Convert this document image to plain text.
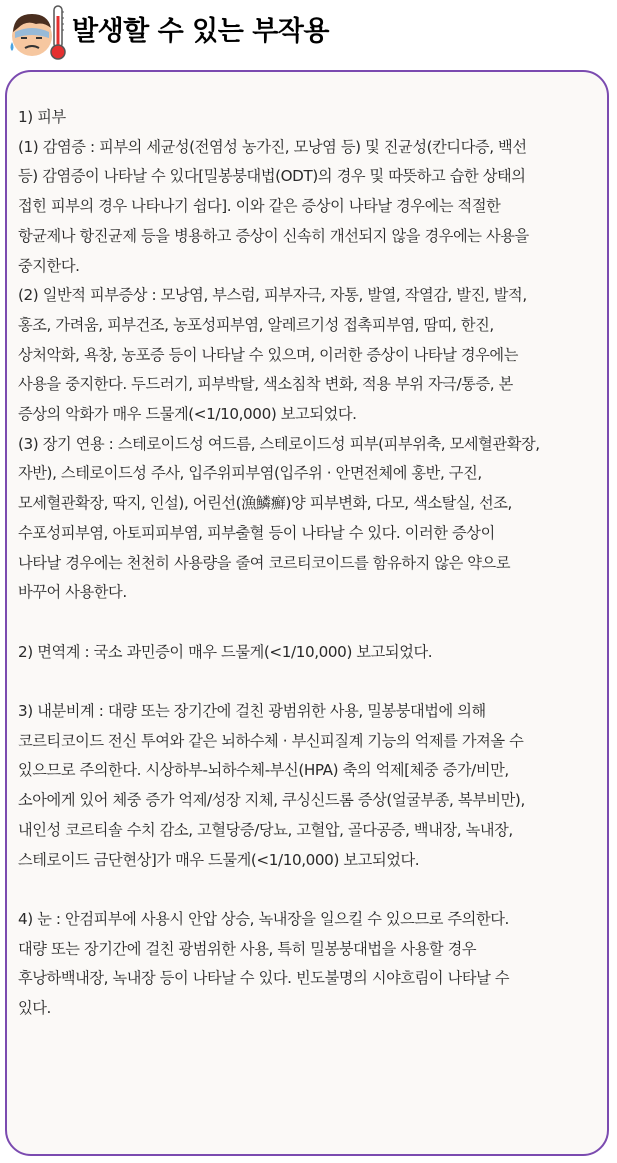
발생할 수 있는 부작용

1) 피부

(1) 감염증 : 피부의 세균성(전염성 농가진, 모낭염 등) 및 진균성(칸디다증, 백선
등) 감염증이 나타날 수 있다[밀봉붕대법(ODT)의 경우 및 따뜻하고 습한 상태의
접힌 피부의 경우 나타나기 쉽다]. 이와 같은 증상이 나타날 경우에는 적절한
항균제나 항진균제 등을 병용하고 증상이 신속히 개선되지 않을 경우에는 사용을
중지한다.

(2) 일반적 피부증상 : 모낭염, 부스럼, 피부자극, 자통, 발열, 작열감, 발진, 발적,
홍조, 가려움, 피부건조, 농포성피부염, 알레르기성 접촉피부염, 땀띠, 한진,
상처악화, 욕창, 농포증 등이 나타날 수 있으며, 이러한 증상이 나타날 경우에는
사용을 중지한다. 두드러기, 피부박탈, 색소침착 변화, 적용 부위 자극/통증, 본
증상의 악화가 매우 드물게(<1/10,000) 보고되었다.

(3) 장기 연용 : 스테로이드성 여드름, 스테로이드성 피부(피부위축, 모세혈관확장,
자반), 스테로이드성 주사, 입주위피부염(입주위 · 안면전체에 홍반, 구진,
모세혈관확장, 딱지, 인설), 어린선(漁鱗癬)양 피부변화, 다모, 색소탈실, 선조,
수포성피부염, 아토피피부염, 피부출혈 등이 나타날 수 있다. 이러한 증상이
나타날 경우에는 천천히 사용량을 줄여 코르티코이드를 함유하지 않은 약으로
바꾸어 사용한다.

2) 면역계 : 국소 과민증이 매우 드물게(<1/10,000) 보고되었다.

3) 내분비계 : 대량 또는 장기간에 걸친 광범위한 사용, 밀봉붕대법에 의해
코르티코이드 전신 투여와 같은 뇌하수체 · 부신피질계 기능의 억제를 가져올 수
있으므로 주의한다. 시상하부-뇌하수체-부신(HPA) 축의 억제[체중 증가/비만,
소아에게 있어 체중 증가 억제/성장 지체, 쿠싱신드롬 증상(얼굴부종, 복부비만),
내인성 코르티솔 수치 감소, 고혈당증/당뇨, 고혈압, 골다공증, 백내장, 녹내장,
스테로이드 금단현상]가 매우 드물게(<1/10,000) 보고되었다.

4) 눈 : 안검피부에 사용시 안압 상승, 녹내장을 일으킬 수 있으므로 주의한다.
대량 또는 장기간에 걸친 광범위한 사용, 특히 밀봉붕대법을 사용할 경우
후낭하백내장, 녹내장 등이 나타날 수 있다. 빈도불명의 시야흐림이 나타날 수
있다.
